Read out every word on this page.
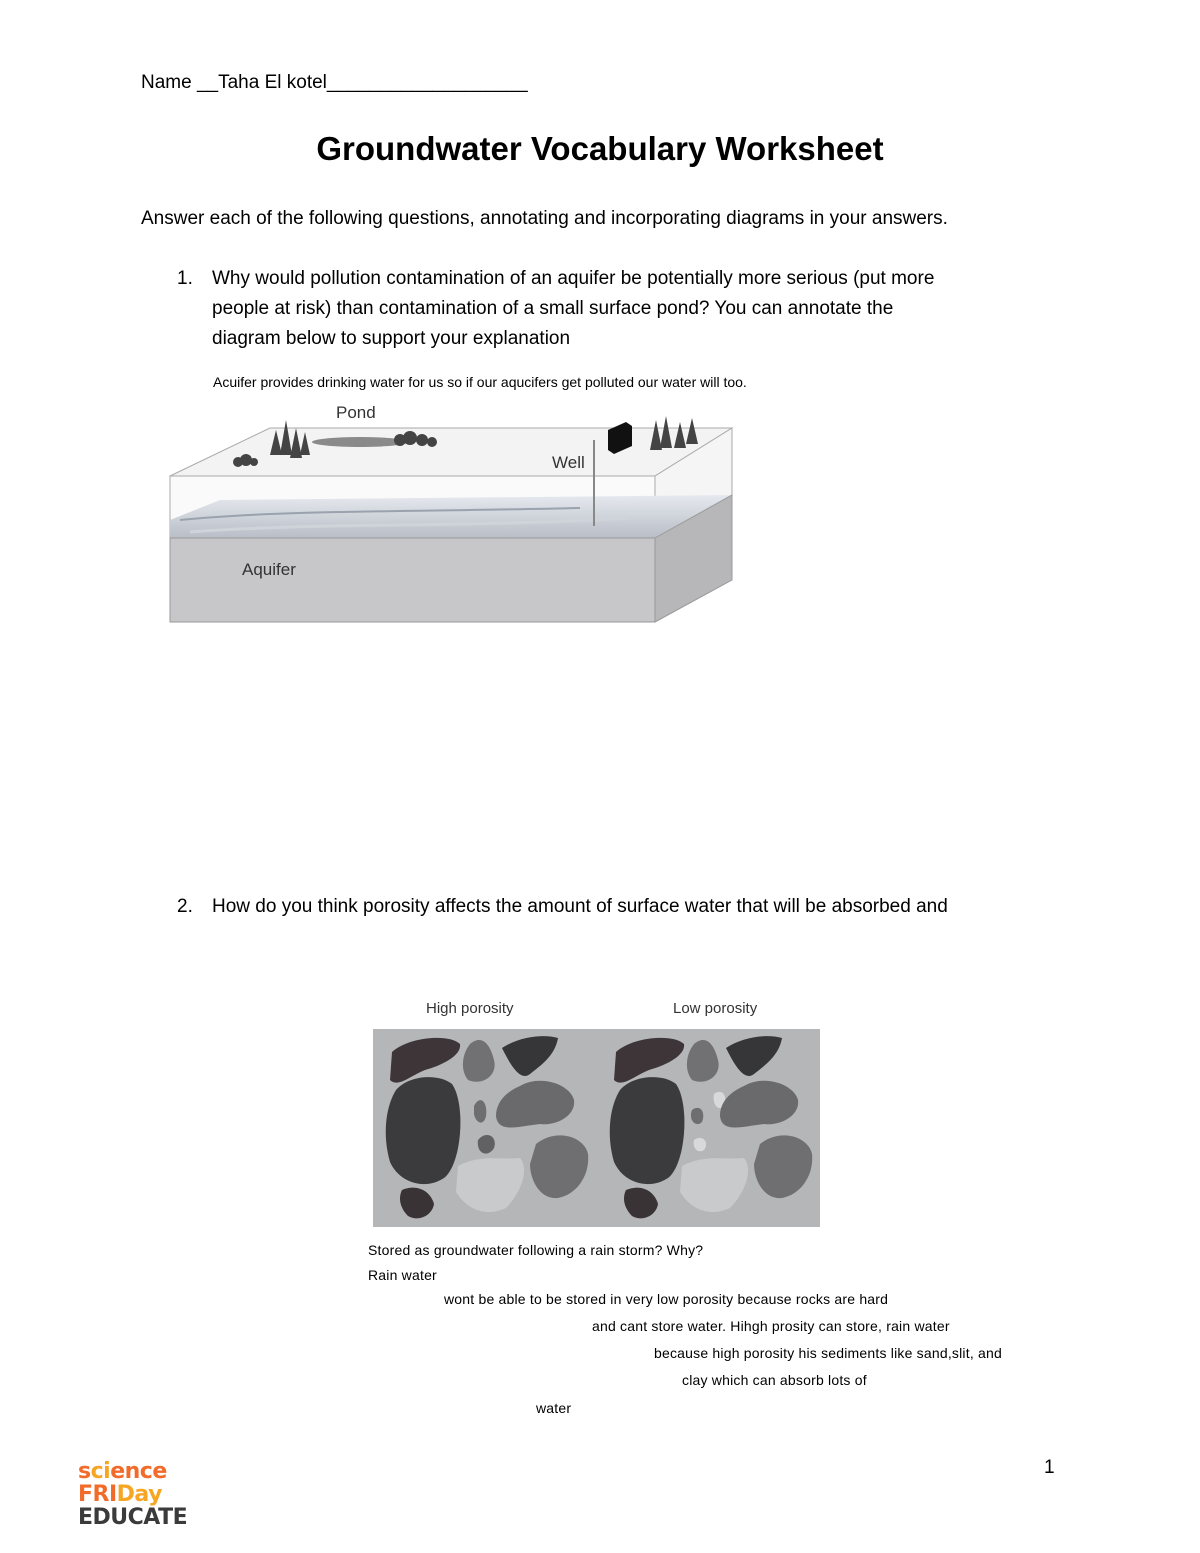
Name __Taha El kotel___________________

Groundwater Vocabulary Worksheet

Answer each of the following questions, annotating and incorporating diagrams in your answers.

1. Why would pollution contamination of an aquifer be potentially more serious (put more
people at risk) than contamination of a small surface pond? You can annotate the
diagram below to support your explanation

Acuifer provides drinking water for us so if our aqucifers get polluted our water will too.

Pond
Well
Aquifer
2. How do you think porosity affects the amount of surface water that will be absorbed and

High porosity	Low porosity

Stored as groundwater following a rain storm? Why?

Rain water

wont be able to be stored in very low porosity because rocks are hard

and cant store water. Hihgh prosity can store, rain water

because high porosity his sediments like sand,slit, and

clay which can absorb lots of

water

science
FRIDay
EDUCATE
1
